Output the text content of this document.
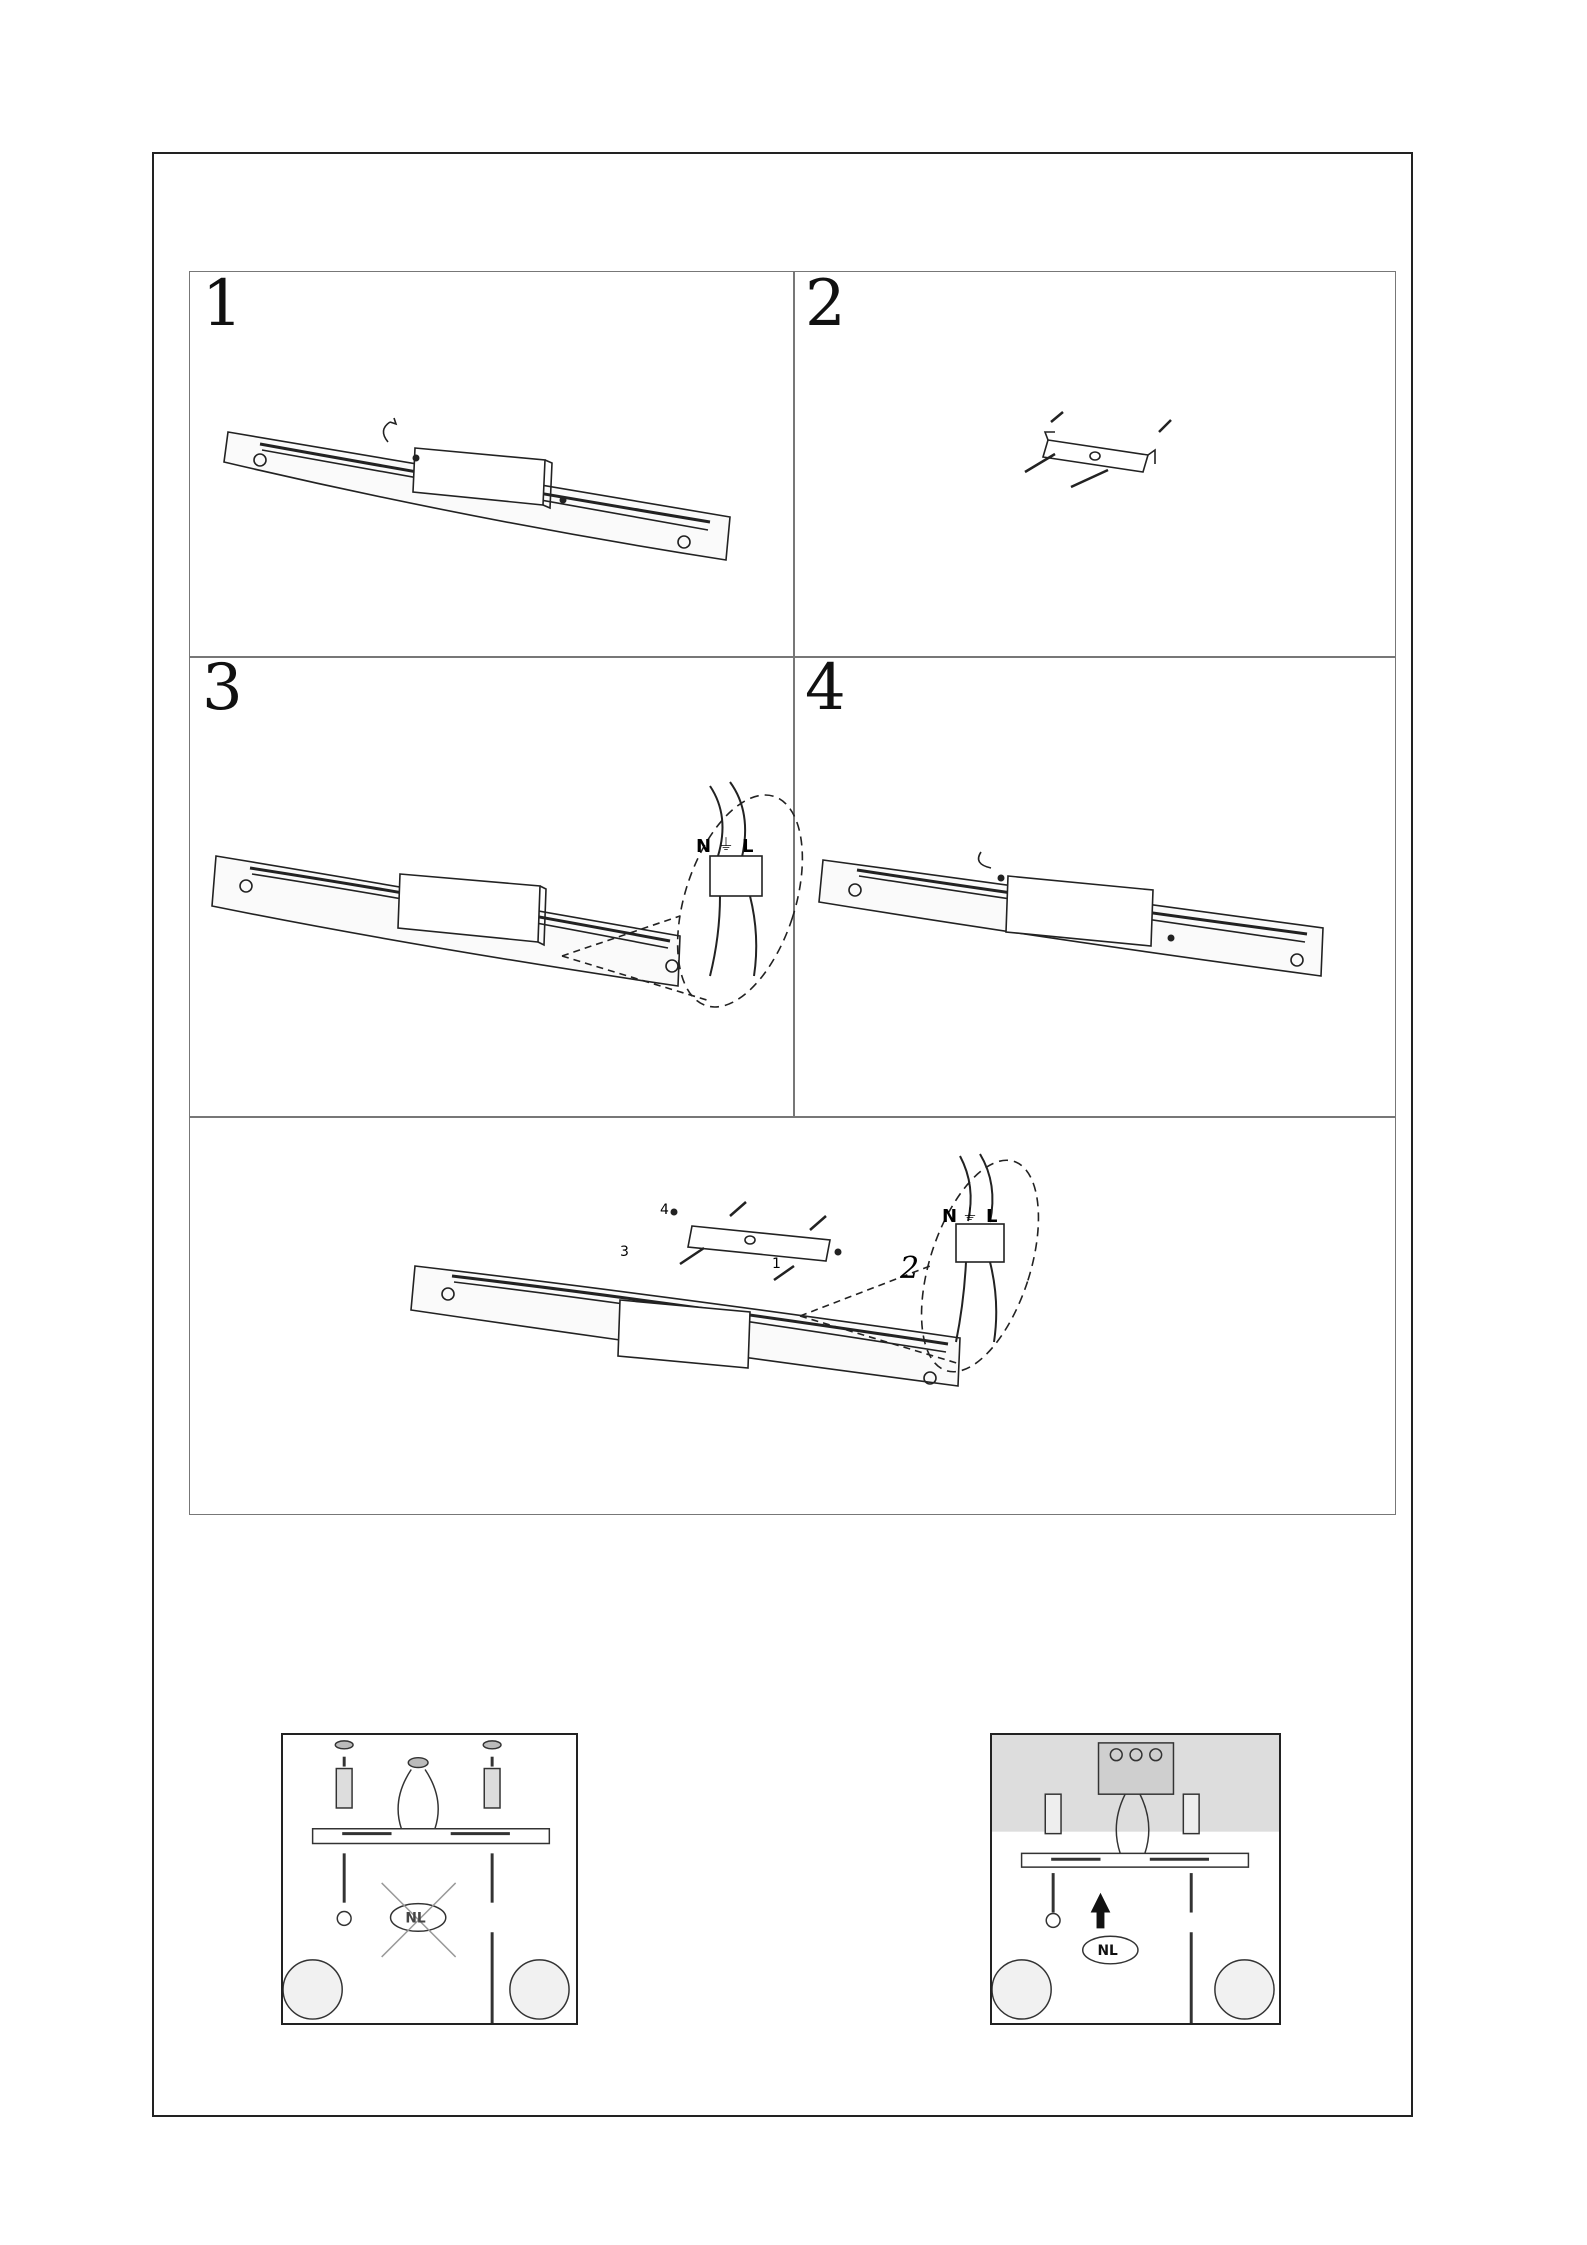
1	2
3
N ⏚ L
4
4
3
1	2
N ⏚ L
NL
NL
